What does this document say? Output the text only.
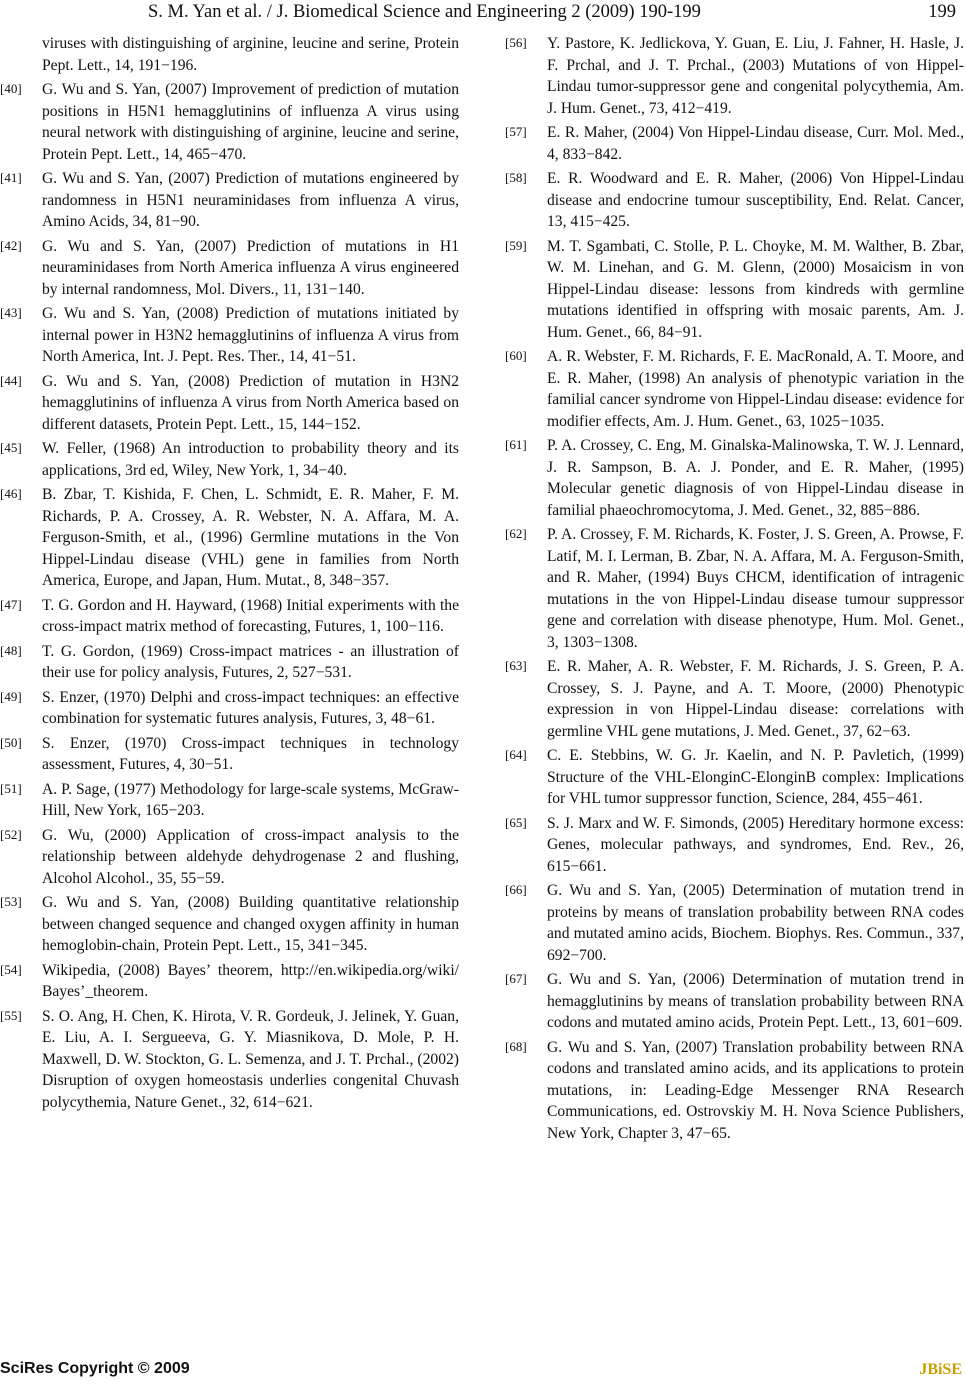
S. M. Yan et al. / J. Biomedical Science and Engineering 2 (2009) 190-199	199
viruses with distinguishing of arginine, leucine and serine, Protein Pept. Lett., 14, 191−196.
[40] G. Wu and S. Yan, (2007) Improvement of prediction of mutation positions in H5N1 hemagglutinins of influenza A virus using neural network with distinguishing of arginine, leucine and serine, Protein Pept. Lett., 14, 465−470.
[41] G. Wu and S. Yan, (2007) Prediction of mutations engineered by randomness in H5N1 neuraminidases from influenza A virus, Amino Acids, 34, 81−90.
[42] G. Wu and S. Yan, (2007) Prediction of mutations in H1 neuraminidases from North America influenza A virus engineered by internal randomness, Mol. Divers., 11, 131−140.
[43] G. Wu and S. Yan, (2008) Prediction of mutations initiated by internal power in H3N2 hemagglutinins of influenza A virus from North America, Int. J. Pept. Res. Ther., 14, 41−51.
[44] G. Wu and S. Yan, (2008) Prediction of mutation in H3N2 hemagglutinins of influenza A virus from North America based on different datasets, Protein Pept. Lett., 15, 144−152.
[45] W. Feller, (1968) An introduction to probability theory and its applications, 3rd ed, Wiley, New York, 1, 34−40.
[46] B. Zbar, T. Kishida, F. Chen, L. Schmidt, E. R. Maher, F. M. Richards, P. A. Crossey, A. R. Webster, N. A. Affara, M. A. Ferguson-Smith, et al., (1996) Germline mutations in the Von Hippel-Lindau disease (VHL) gene in families from North America, Europe, and Japan, Hum. Mutat., 8, 348−357.
[47] T. G. Gordon and H. Hayward, (1968) Initial experiments with the cross-impact matrix method of forecasting, Futures, 1, 100−116.
[48] T. G. Gordon, (1969) Cross-impact matrices - an illustration of their use for policy analysis, Futures, 2, 527−531.
[49] S. Enzer, (1970) Delphi and cross-impact techniques: an effective combination for systematic futures analysis, Futures, 3, 48−61.
[50] S. Enzer, (1970) Cross-impact techniques in technology assessment, Futures, 4, 30−51.
[51] A. P. Sage, (1977) Methodology for large-scale systems, McGraw-Hill, New York, 165−203.
[52] G. Wu, (2000) Application of cross-impact analysis to the relationship between aldehyde dehydrogenase 2 and flushing, Alcohol Alcohol., 35, 55−59.
[53] G. Wu and S. Yan, (2008) Building quantitative relationship between changed sequence and changed oxygen affinity in human hemoglobin-chain, Protein Pept. Lett., 15, 341−345.
[54] Wikipedia, (2008) Bayes’ theorem, http://en.wikipedia.org/wiki/ Bayes’_theorem.
[55] S. O. Ang, H. Chen, K. Hirota, V. R. Gordeuk, J. Jelinek, Y. Guan, E. Liu, A. I. Sergueeva, G. Y. Miasnikova, D. Mole, P. H. Maxwell, D. W. Stockton, G. L. Semenza, and J. T. Prchal., (2002) Disruption of oxygen homeostasis underlies congenital Chuvash polycythemia, Nature Genet., 32, 614−621.
[56] Y. Pastore, K. Jedlickova, Y. Guan, E. Liu, J. Fahner, H. Hasle, J. F. Prchal, and J. T. Prchal., (2003) Mutations of von Hippel- Lindau tumor-suppressor gene and congenital polycythemia, Am. J. Hum. Genet., 73, 412−419.
[57] E. R. Maher, (2004) Von Hippel-Lindau disease, Curr. Mol. Med., 4, 833−842.
[58] E. R. Woodward and E. R. Maher, (2006) Von Hippel-Lindau disease and endocrine tumour susceptibility, End. Relat. Cancer, 13, 415−425.
[59] M. T. Sgambati, C. Stolle, P. L. Choyke, M. M. Walther, B. Zbar, W. M. Linehan, and G. M. Glenn, (2000) Mosaicism in von Hippel-Lindau disease: lessons from kindreds with germline mutations identified in offspring with mosaic parents, Am. J. Hum. Genet., 66, 84−91.
[60] A. R. Webster, F. M. Richards, F. E. MacRonald, A. T. Moore, and E. R. Maher, (1998) An analysis of phenotypic variation in the familial cancer syndrome von Hippel-Lindau disease: evidence for modifier effects, Am. J. Hum. Genet., 63, 1025−1035.
[61] P. A. Crossey, C. Eng, M. Ginalska-Malinowska, T. W. J. Lennard, J. R. Sampson, B. A. J. Ponder, and E. R. Maher, (1995) Molecular genetic diagnosis of von Hippel-Lindau disease in familial phaeochromocytoma, J. Med. Genet., 32, 885−886.
[62] P. A. Crossey, F. M. Richards, K. Foster, J. S. Green, A. Prowse, F. Latif, M. I. Lerman, B. Zbar, N. A. Affara, M. A. Ferguson-Smith, and R. Maher, (1994) Buys CHCM, identification of intragenic mutations in the von Hippel-Lindau disease tumour suppressor gene and correlation with disease phenotype, Hum. Mol. Genet., 3, 1303−1308.
[63] E. R. Maher, A. R. Webster, F. M. Richards, J. S. Green, P. A. Crossey, S. J. Payne, and A. T. Moore, (2000) Phenotypic expression in von Hippel-Lindau disease: correlations with germline VHL gene mutations, J. Med. Genet., 37, 62−63.
[64] C. E. Stebbins, W. G. Jr. Kaelin, and N. P. Pavletich, (1999) Structure of the VHL-ElonginC-ElonginB complex: Implications for VHL tumor suppressor function, Science, 284, 455−461.
[65] S. J. Marx and W. F. Simonds, (2005) Hereditary hormone excess: Genes, molecular pathways, and syndromes, End. Rev., 26, 615−661.
[66] G. Wu and S. Yan, (2005) Determination of mutation trend in proteins by means of translation probability between RNA codes and mutated amino acids, Biochem. Biophys. Res. Commun., 337, 692−700.
[67] G. Wu and S. Yan, (2006) Determination of mutation trend in hemagglutinins by means of translation probability between RNA codons and mutated amino acids, Protein Pept. Lett., 13, 601−609.
[68] G. Wu and S. Yan, (2007) Translation probability between RNA codons and translated amino acids, and its applications to protein mutations, in: Leading-Edge Messenger RNA Research Communications, ed. Ostrovskiy M. H. Nova Science Publishers, New York, Chapter 3, 47−65.
SciRes Copyright © 2009	JBiSE
